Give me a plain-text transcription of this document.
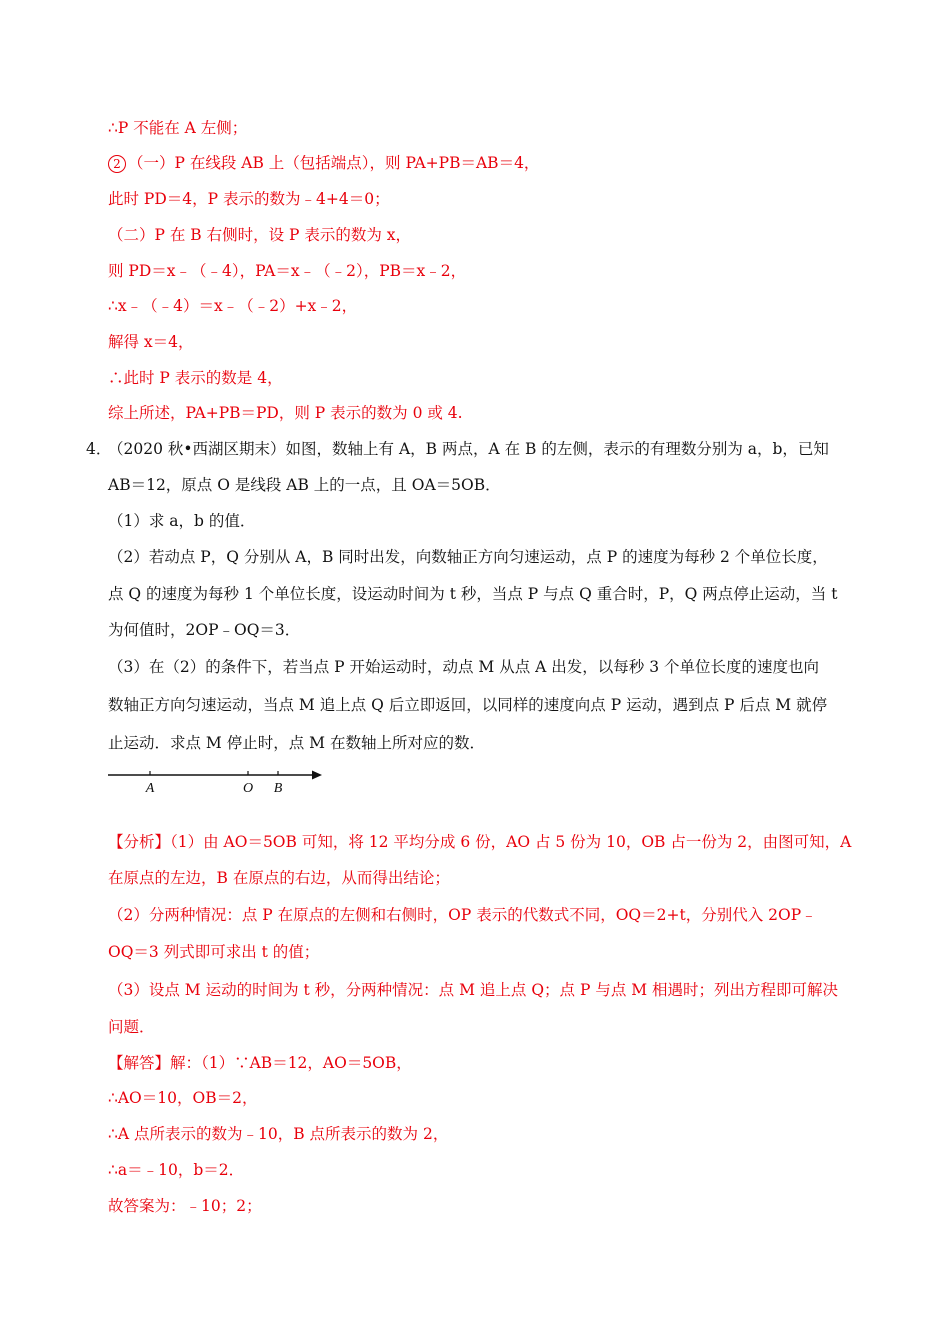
∴P 不能在 A 左侧；
2 （一）P 在线段 AB 上（包括端点），则 PA+PB＝AB＝4，
此时 PD＝4，P 表示的数为﹣4+4＝0；
（二）P 在 B 右侧时，设 P 表示的数为 x，
则 PD＝x﹣（﹣4），PA＝x﹣（﹣2），PB＝x﹣2，
∴x﹣（﹣4）＝x﹣（﹣2）+x﹣2，
解得 x＝4，
∴此时 P 表示的数是 4，
综上所述，PA+PB＝PD，则 P 表示的数为 0 或 4.
4．
（2020 秋•西湖区期末）如图，数轴上有 A，B 两点，A 在 B 的左侧，表示的有理数分别为 a，b，已知
AB＝12，原点 O 是线段 AB 上的一点，且 OA＝5OB．
（1）求 a，b 的值．
（2）若动点 P，Q 分别从 A，B 同时出发，向数轴正方向匀速运动，点 P 的速度为每秒 2 个单位长度，
点 Q 的速度为每秒 1 个单位长度，设运动时间为 t 秒，当点 P 与点 Q 重合时，P，Q 两点停止运动，当 t
为何值时，2OP﹣OQ＝3．
（3）在（2）的条件下，若当点 P 开始运动时，动点 M 从点 A 出发，以每秒 3 个单位长度的速度也向
数轴正方向匀速运动，当点 M 追上点 Q 后立即返回，以同样的速度向点 P 运动，遇到点 P 后点 M 就停
止运动．求点 M 停止时，点 M 在数轴上所对应的数．
A	O B
【分析】（1）由 AO＝5OB 可知，将 12 平均分成 6 份，AO 占 5 份为 10，OB 占一份为 2，由图可知，A
在原点的左边，B 在原点的右边，从而得出结论；
（2）分两种情况：点 P 在原点的左侧和右侧时，OP 表示的代数式不同，OQ＝2+t，分别代入 2OP﹣
OQ＝3 列式即可求出 t 的值；
（3）设点 M 运动的时间为 t 秒，分两种情况：点 M 追上点 Q；点 P 与点 M 相遇时；列出方程即可解决
问题．
【解答】解：（1）∵AB＝12，AO＝5OB，
∴AO＝10，OB＝2，
∴A 点所表示的数为﹣10，B 点所表示的数为 2，
∴a＝﹣10，b＝2．
故答案为：﹣10；2；
